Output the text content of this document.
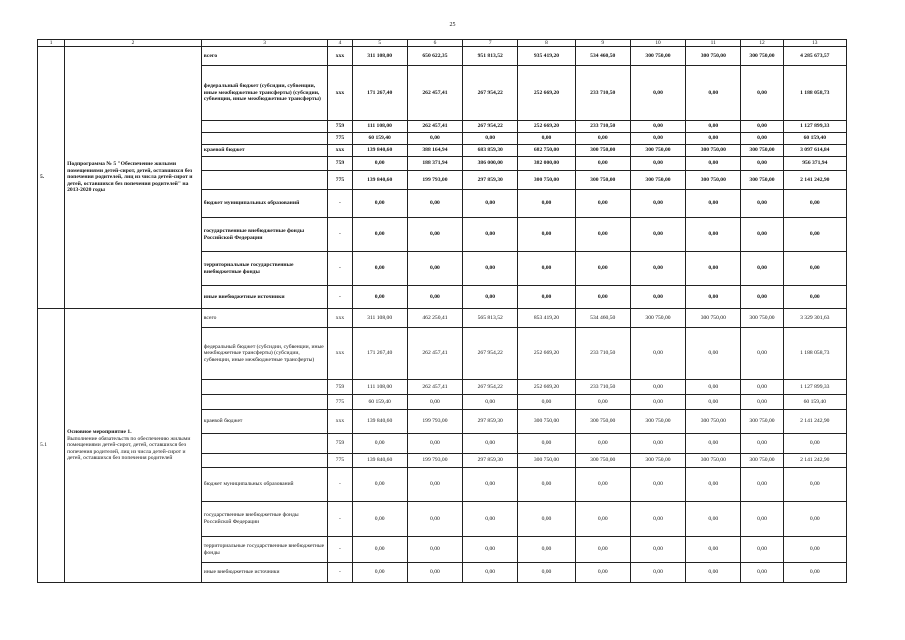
25
1	2	3	4	5	6	7	8	9	10	11	12	13
5.	Подпрограмма № 5 "Обеспечение жилыми помещениями детей-сирот, детей, оставшихся без попечения родителей, лиц из числа детей-сирот и детей, оставшихся без попечения родителей" на 2013-2020 годы	всего	ххх	311 108,00	650 622,35	951 813,52	935 419,20	534 460,50	300 750,00	300 750,00	300 750,00	4 285 673,57
		федеральный бюджет (субсидии, субвенции, иные межбюджетные трансферты) (субсидии, субвенции, иные межбюджетные трансферты)	ххх	171 267,40	262 457,41	267 954,22	252 669,20	233 710,50	0,00	0,00	0,00	1 188 058,73
			759	111 108,00	262 457,41	267 954,22	252 669,20	233 710,50	0,00	0,00	0,00	1 127 899,33
			775	60 159,40	0,00	0,00	0,00	0,00	0,00	0,00	0,00	60 159,40
		краевой бюджет	ххх	139 840,60	388 164,94	683 859,30	682 750,00	300 750,00	300 750,00	300 750,00	300 750,00	3 097 614,84
			759	0,00	188 371,94	386 000,00	382 000,00	0,00	0,00	0,00	0,00	956 371,94
			775	139 840,60	199 793,00	297 859,30	300 750,00	300 750,00	300 750,00	300 750,00	300 750,00	2 141 242,90
		бюджет муниципальных образований	-	0,00	0,00	0,00	0,00	0,00	0,00	0,00	0,00	0,00
		государственные внебюджетные фонды Российской Федерации	-	0,00	0,00	0,00	0,00	0,00	0,00	0,00	0,00	0,00
		территориальные государственные внебюджетные фонды	-	0,00	0,00	0,00	0,00	0,00	0,00	0,00	0,00	0,00
		иные внебюджетные источники	-	0,00	0,00	0,00	0,00	0,00	0,00	0,00	0,00	0,00
5.1	Основное мероприятие 1.
Выполнение обязательств по обеспечению жилыми помещениями детей-сирот, детей, оставшихся без попечения родителей, лиц из числа детей-сирот и детей, оставшихся без попечения родителей	всего	ххх	311 108,00	462 250,41	565 813,52	853 419,20	534 460,50	300 750,00	300 750,00	300 750,00	3 329 301,63
		федеральный бюджет (субсидии, субвенции, иные межбюджетные трансферты) (субсидии, субвенции, иные межбюджетные трансферты)	ххх	171 267,40	262 457,41	267 954,22	252 669,20	233 710,50	0,00	0,00	0,00	1 188 058,73
			759	111 108,00	262 457,41	267 954,22	252 669,20	233 710,50	0,00	0,00	0,00	1 127 899,33
			775	60 159,40	0,00	0,00	0,00	0,00	0,00	0,00	0,00	60 159,40
		краевой бюджет	ххх	139 840,60	199 793,00	297 859,30	300 750,00	300 750,00	300 750,00	300 750,00	300 750,00	2 141 242,90
			759	0,00	0,00	0,00	0,00	0,00	0,00	0,00	0,00	0,00
			775	139 840,60	199 793,00	297 859,30	300 750,00	300 750,00	300 750,00	300 750,00	300 750,00	2 141 242,90
		бюджет муниципальных образований	-	0,00	0,00	0,00	0,00	0,00	0,00	0,00	0,00	0,00
		государственные внебюджетные фонды Российской Федерации	-	0,00	0,00	0,00	0,00	0,00	0,00	0,00	0,00	0,00
		территориальные государственные внебюджетные фонды	-	0,00	0,00	0,00	0,00	0,00	0,00	0,00	0,00	0,00
		иные внебюджетные источники	-	0,00	0,00	0,00	0,00	0,00	0,00	0,00	0,00	0,00
